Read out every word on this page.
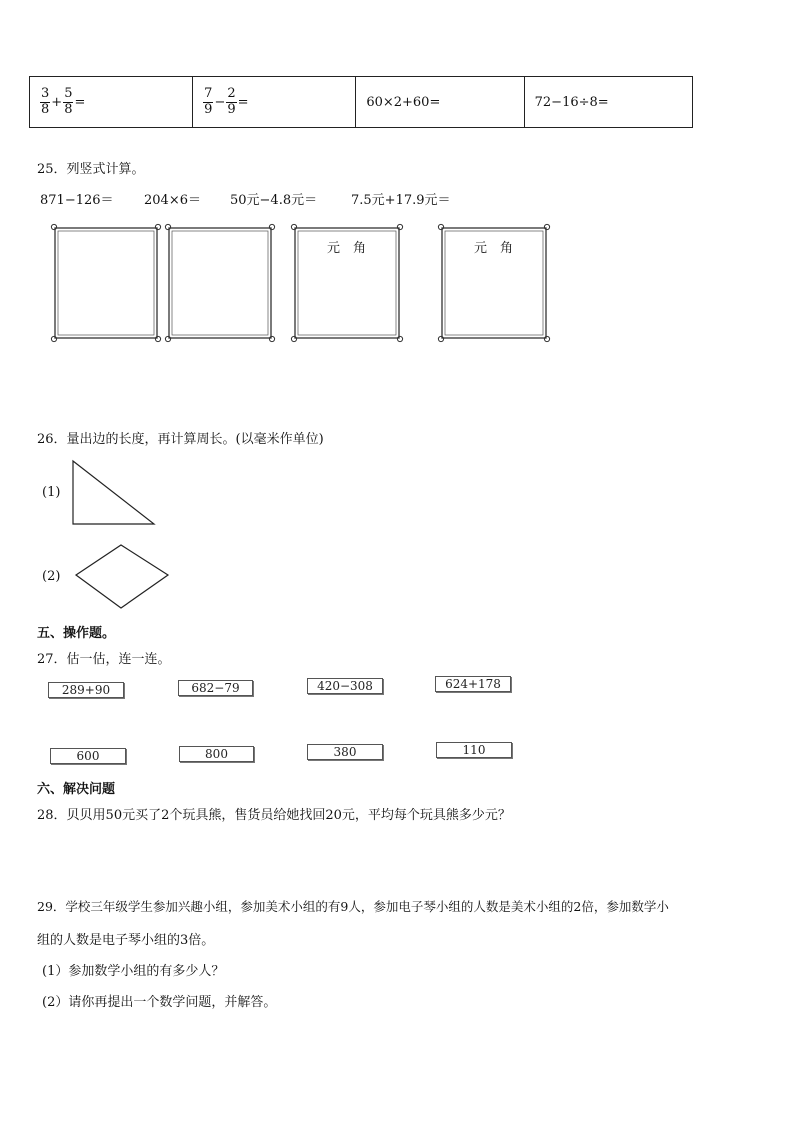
$\frac{3}{8} + \frac{5}{8}$ =	$\frac{7}{9} - \frac{2}{9}$ =	60×2+60=	72−16÷8=
25．列竖式计算。
871−126＝ 204×6＝ 50元−4.8元＝	7.5元+17.9元＝
元 角	元 角
26．量出边的长度，再计算周长。(以毫米作单位)
(1)
(2)
五、操作题。
27．估一估，连一连。
289+90	682−79	420−308	624+178
600	800	380	110
六、解决问题
28．贝贝用50元买了2个玩具熊，售货员给她找回20元，平均每个玩具熊多少元？
29．学校三年级学生参加兴趣小组，参加美术小组的有9人，参加电子琴小组的人数是美术小组的2倍，参加数学小
组的人数是电子琴小组的3倍。
(1）参加数学小组的有多少人？
(2）请你再提出一个数学问题，并解答。
